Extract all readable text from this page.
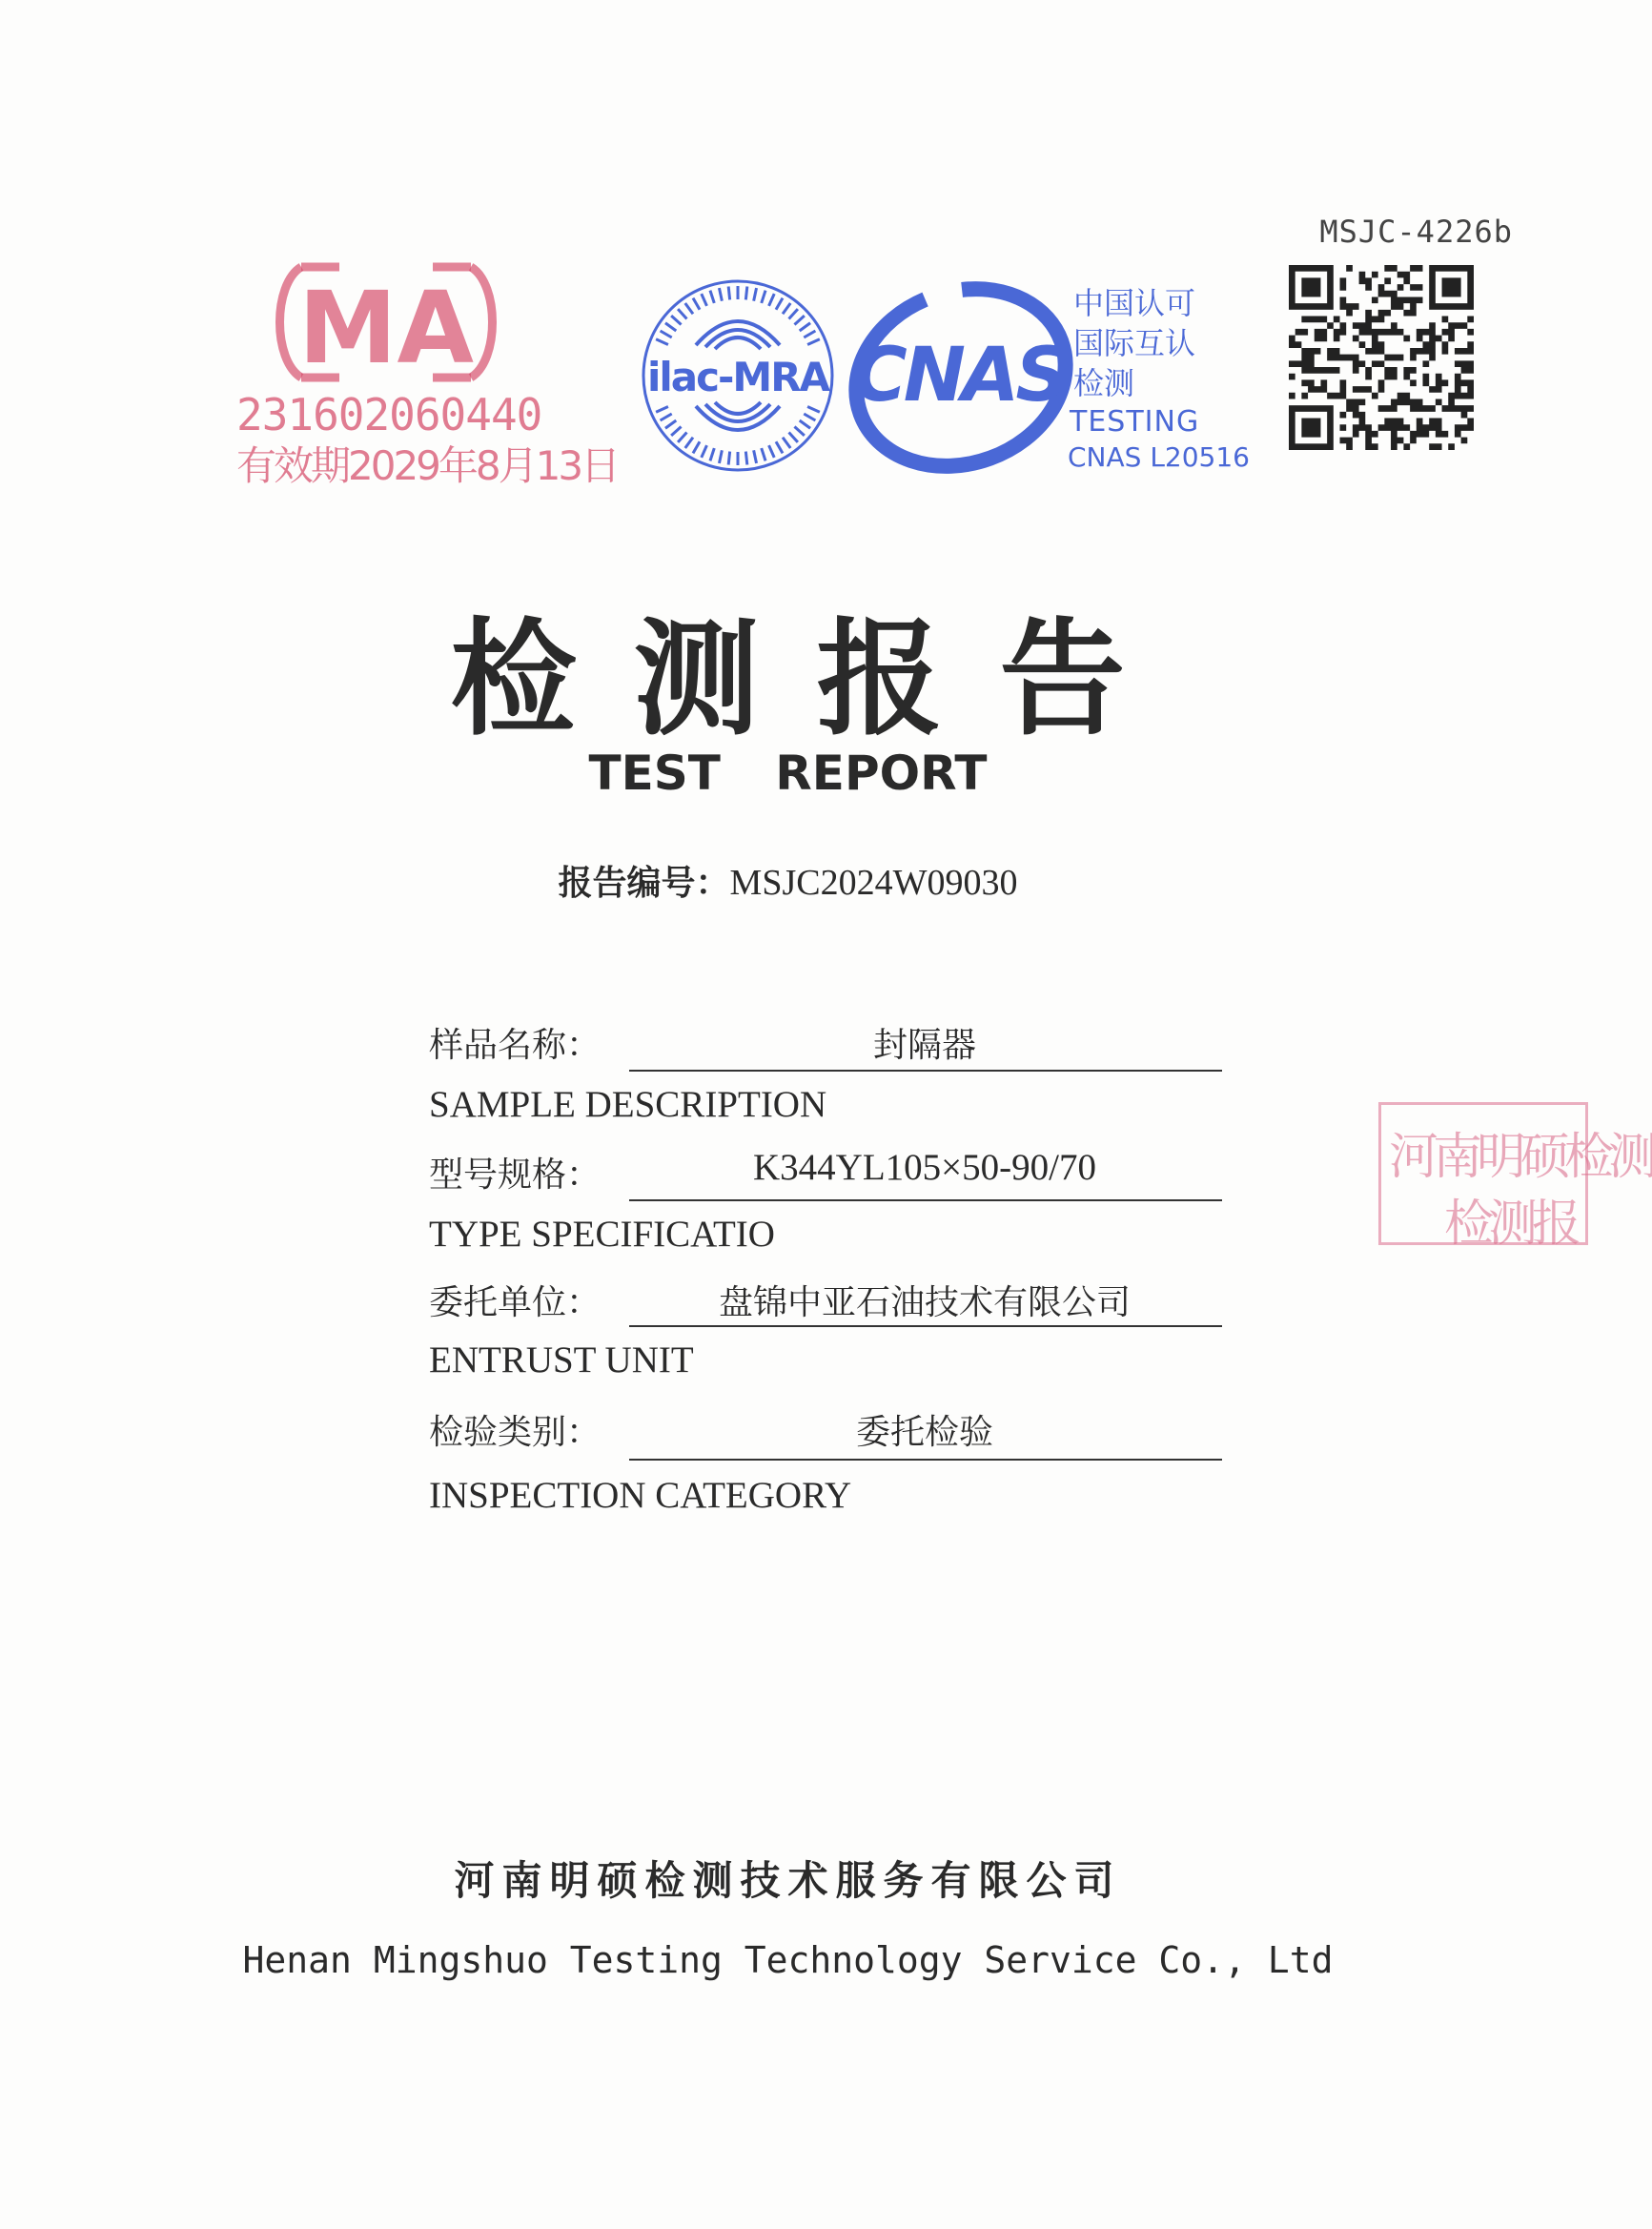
MSJC-4226b
MA
231602060440
有效期2029年8月13日
ilac-MRA CNAS
中国认可
国际互认
检测
TESTING
CNAS L20516
检测报告
TEST REPORT
报告编号：MSJC2024W09030
样品名称：	封隔器
SAMPLE DESCRIPTION
型号规格：	K344YL105×50-90/70
TYPE SPECIFICATIO
委托单位：	盘锦中亚石油技术有限公司
ENTRUST UNIT
检验类别：	委托检验
INSPECTION CATEGORY
河南明硕检测
检测报
河南明硕检测技术服务有限公司
Henan Mingshuo Testing Technology Service Co., Ltd
